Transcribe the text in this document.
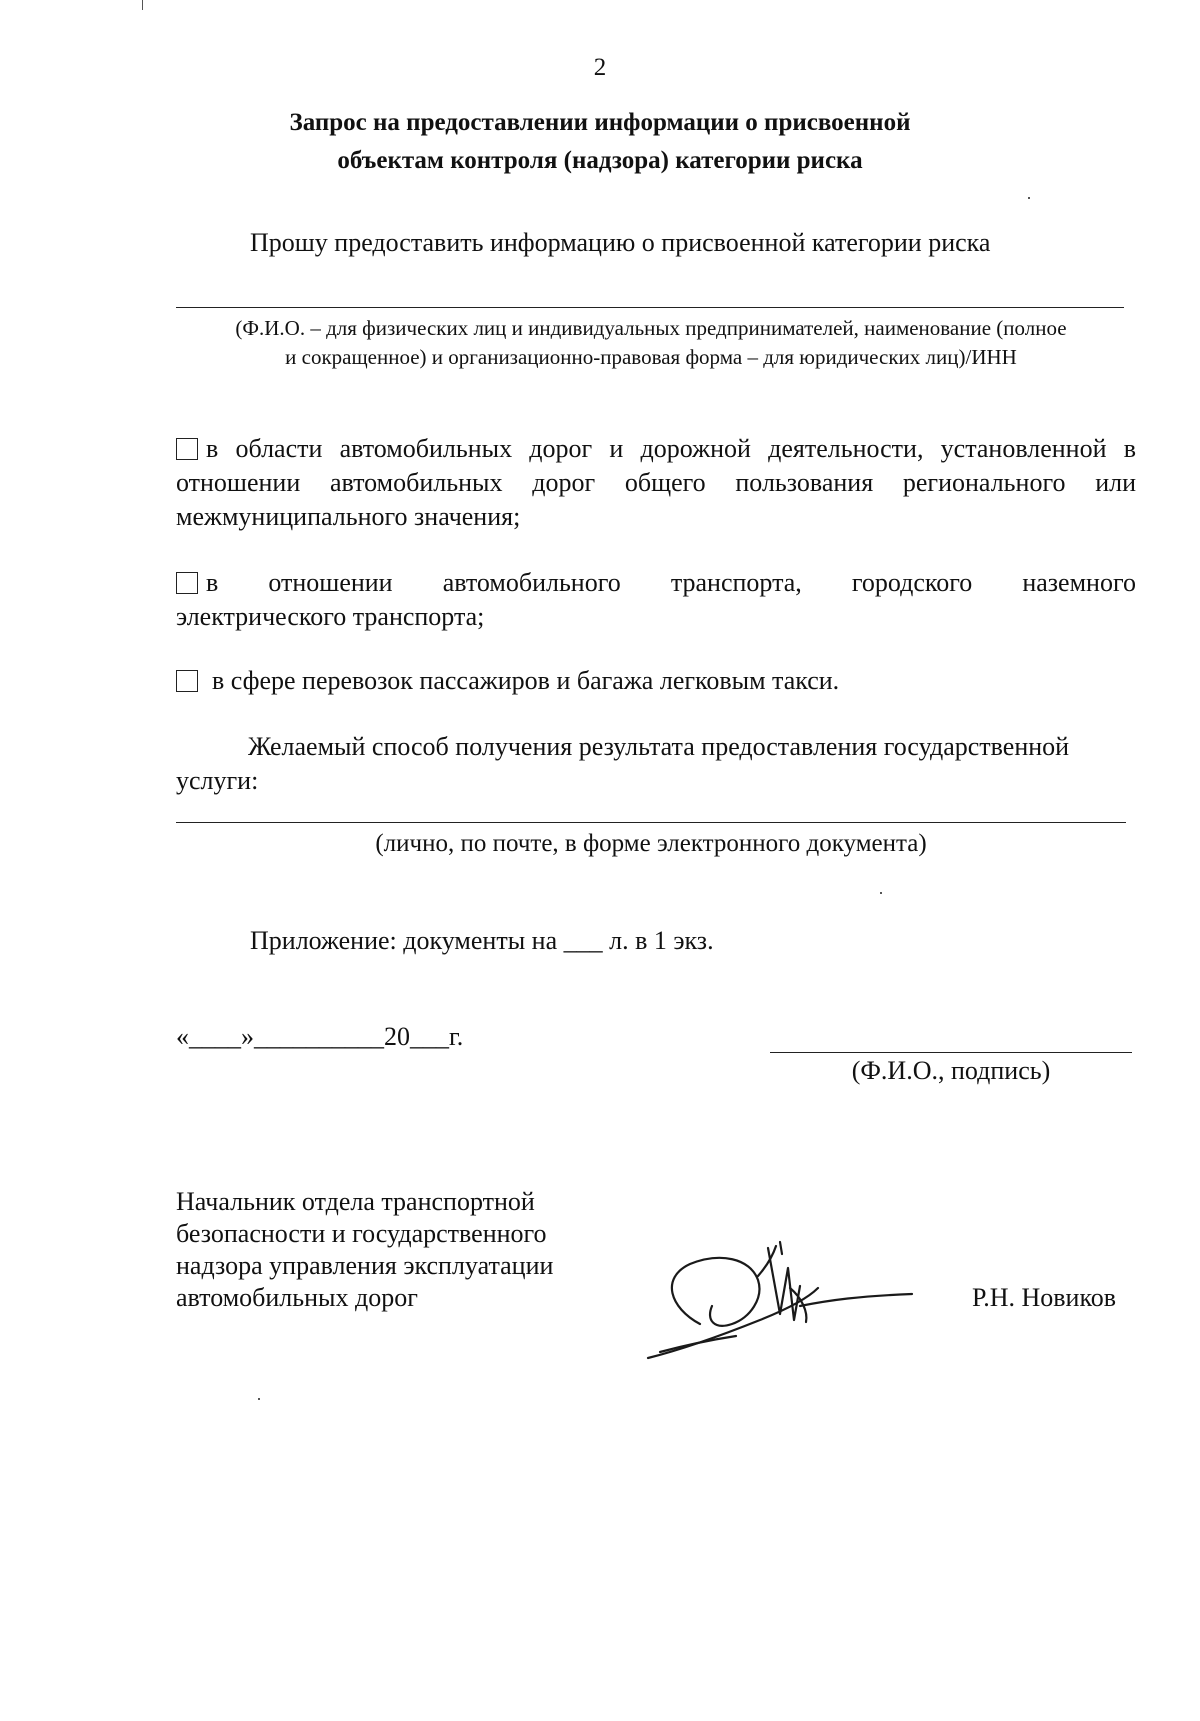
2
Запрос на предоставлении информации о присвоенной
объектам контроля (надзора) категории риска
Прошу предоставить информацию о присвоенной категории риска
(Ф.И.О. – для физических лиц и индивидуальных предпринимателей, наименование (полное
и сокращенное) и организационно-правовая форма – для юридических лиц)/ИНН
в области автомобильных дорог и дорожной деятельности, установленной в отношении автомобильных дорог общего пользования регионального или межмуниципального значения;
в отношении автомобильного транспорта, городского наземного
электрического транспорта;
в сфере перевозок пассажиров и багажа легковым такси.
Желаемый способ получения результата предоставления государственной
услуги:
(лично, по почте, в форме электронного документа)
Приложение: документы на ___ л. в 1 экз.
«____»__________20___г.
(Ф.И.О., подпись)
Начальник отдела транспортной
безопасности и государственного
надзора управления эксплуатации
автомобильных дорог	Р.Н. Новиков
